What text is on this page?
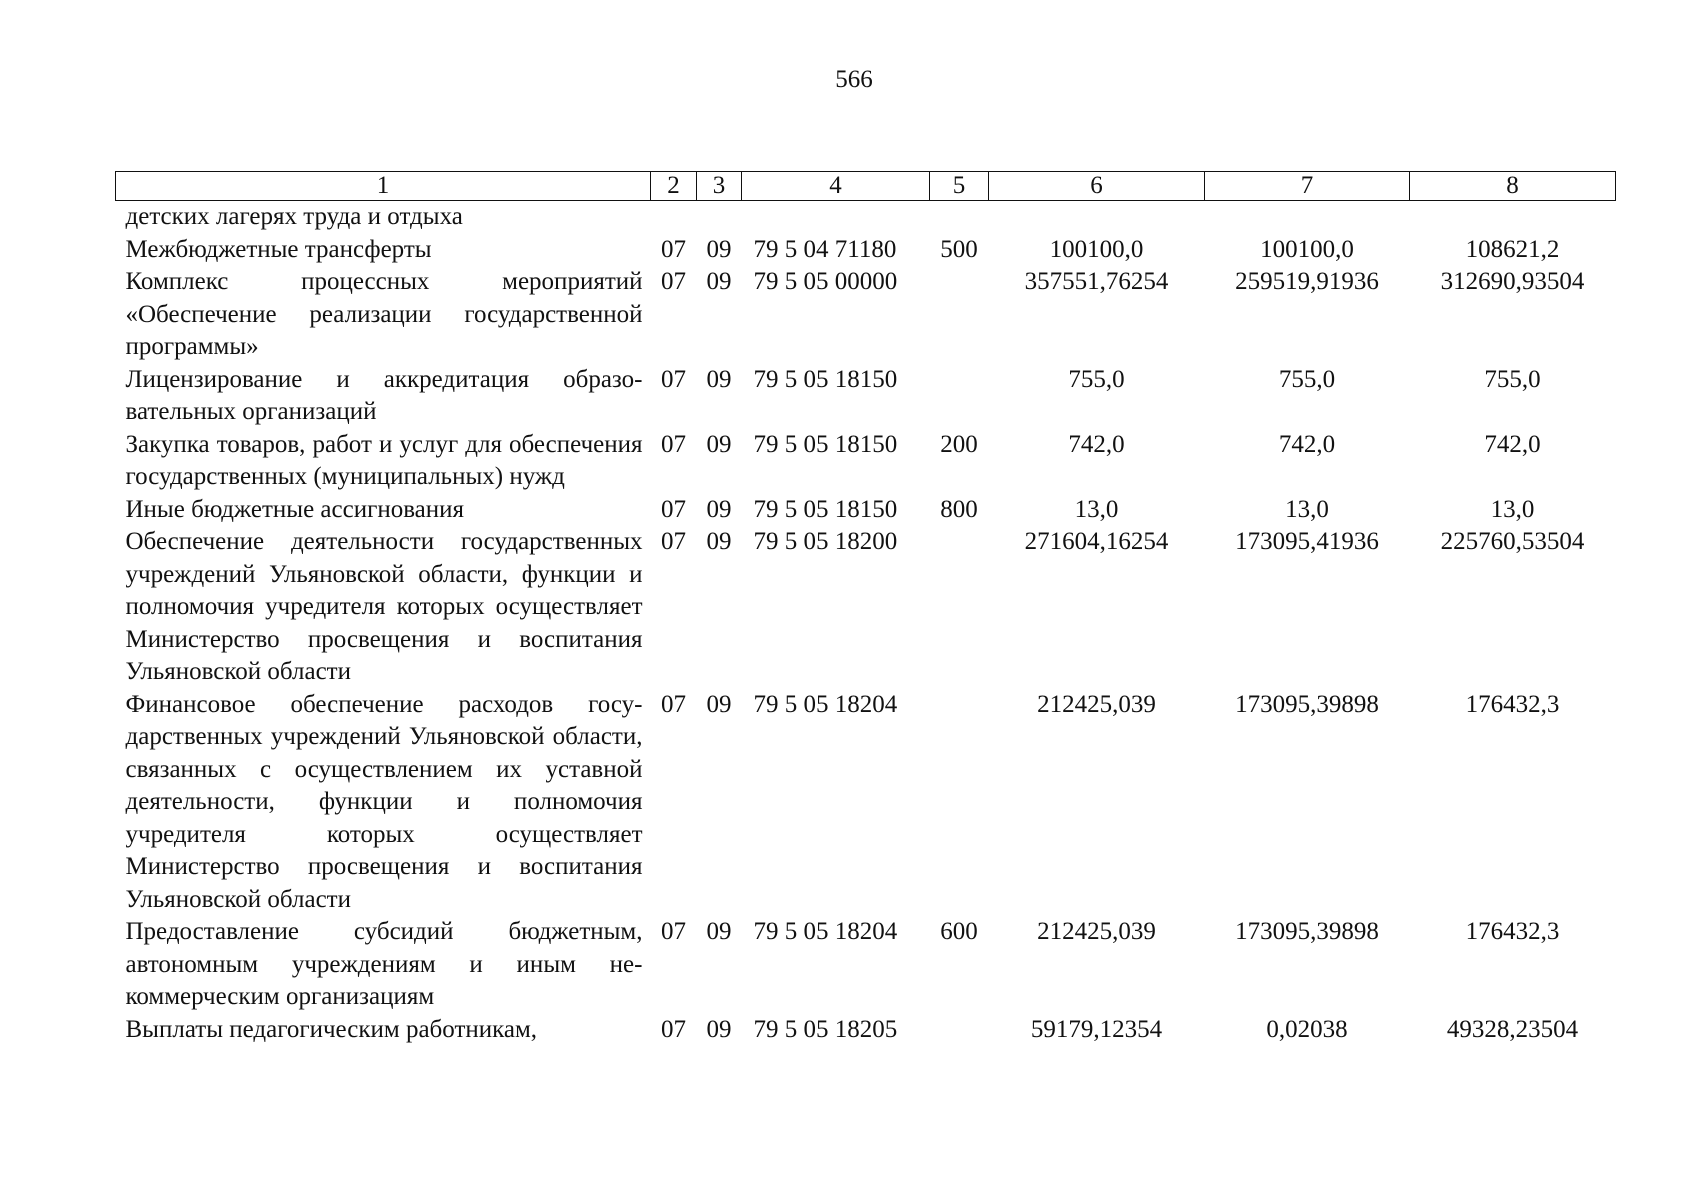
566
1	2	3	4	5	6	7	8
детских лагерях труда и отдыха							
Межбюджетные трансферты	07	09	79 5 04 71180	500	100100,0	100100,0	108621,2
Комплекс процессных мероприятий «Обеспечение реализации государственной программы»	07	09	79 5 05 00000		357551,76254	259519,91936	312690,93504
Лицензирование и аккредитация образовательных организаций	07	09	79 5 05 18150		755,0	755,0	755,0
Закупка товаров, работ и услуг для обеспечения государственных (муниципальных) нужд	07	09	79 5 05 18150	200	742,0	742,0	742,0
Иные бюджетные ассигнования	07	09	79 5 05 18150	800	13,0	13,0	13,0
Обеспечение деятельности государственных учреждений Ульяновской области, функции и полномочия учредителя которых осуществляет Министерство просвещения и воспитания Ульяновской области	07	09	79 5 05 18200		271604,16254	173095,41936	225760,53504
Финансовое обеспечение расходов государственных учреждений Ульяновской области, связанных с осуществлением их уставной деятельности, функции и полномочия учредителя которых осуществляет Министерство просвещения и воспитания Ульяновской области	07	09	79 5 05 18204		212425,039	173095,39898	176432,3
Предоставление субсидий бюджетным, автономным учреждениям и иным некоммерческим организациям	07	09	79 5 05 18204	600	212425,039	173095,39898	176432,3
Выплаты педагогическим работникам,	07	09	79 5 05 18205		59179,12354	0,02038	49328,23504
